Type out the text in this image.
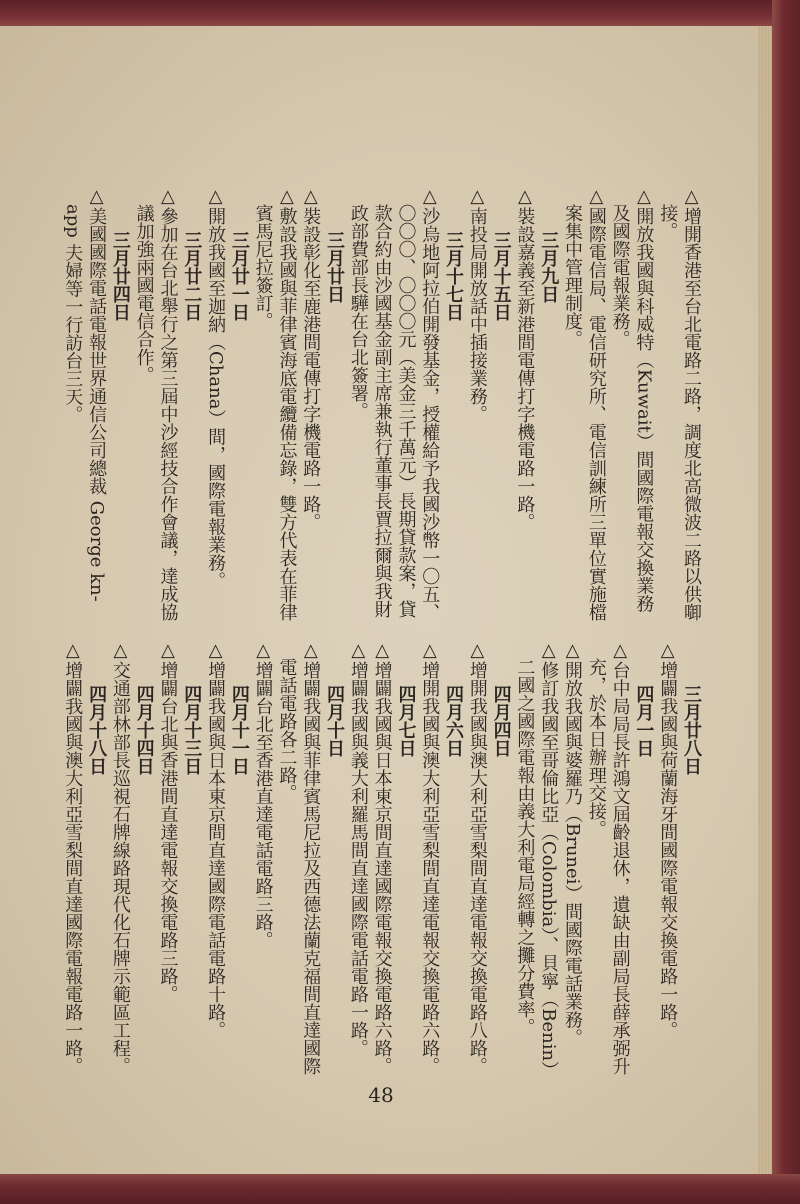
△增開香港至台北電路二路，調度北高微波二路以供啣
接。
△開放我國與科威特（Kuwait）間國際電報交換業務
及國際電報業務。
△國際電信局、電信研究所、電信訓練所三單位實施檔
案集中管理制度。
三月九日
△裝設嘉義至新港間電傳打字機電路一路。
三月十五日
△南投局開放話中插接業務。
三月十七日
△沙烏地阿拉伯開發基金，授權給予我國沙幣一〇五、
〇〇〇、〇〇〇元（美金三千萬元）長期貸款案，貸
款合約由沙國基金副主席兼執行董事長賈拉爾與我財
政部費部長驊在台北簽署。
三月廿日
△裝設彰化至鹿港間電傳打字機電路一路。
△敷設我國與菲律賓海底電纜備忘錄，雙方代表在菲律
賓馬尼拉簽訂。
三月廿一日
△開放我國至迦納（Chana）間，國際電報業務。
三月廿二日
△參加在台北舉行之第三屆中沙經技合作會議，達成協
議加強兩國電信合作。
三月廿四日
△美國國際電話電報世界通信公司總裁 George kn-
app 夫婦等一行訪台三天。
三月廿八日
△增闢我國與荷蘭海牙間國際電報交換電路一路。
四月一日
△台中局局長許鴻文屆齡退休，遺缺由副局長薛承弼升
充，於本日辦理交接。
△開放我國與婆羅乃（Brunei）間國際電話業務。
△修訂我國至哥倫比亞（Colombia）、貝寧（Benin）
二國之國際電報由義大利電局經轉之攤分費率。
四月四日
△增開我國與澳大利亞雪梨間直達電報交換電路八路。
四月六日
△增開我國與澳大利亞雪梨間直達電報交換電路六路。
四月七日
△增闢我國與日本東京間直達國際電報交換電路六路。
△增闢我國與義大利羅馬間直達國際電話電路一路。
四月十日
△增闢我國與菲律賓馬尼拉及西德法蘭克福間直達國際
電話電路各二路。
△增闢台北至香港直達電話電路三路。
四月十一日
△增闢我國與日本東京間直達國際電話電路十路。
四月十三日
△增闢台北與香港間直達電報交換電路三路。
四月十四日
△交通部林部長巡視石牌線路現代化石牌示範區工程。
四月十八日
△增闢我國與澳大利亞雪梨間直達國際電報電路一路。
48
